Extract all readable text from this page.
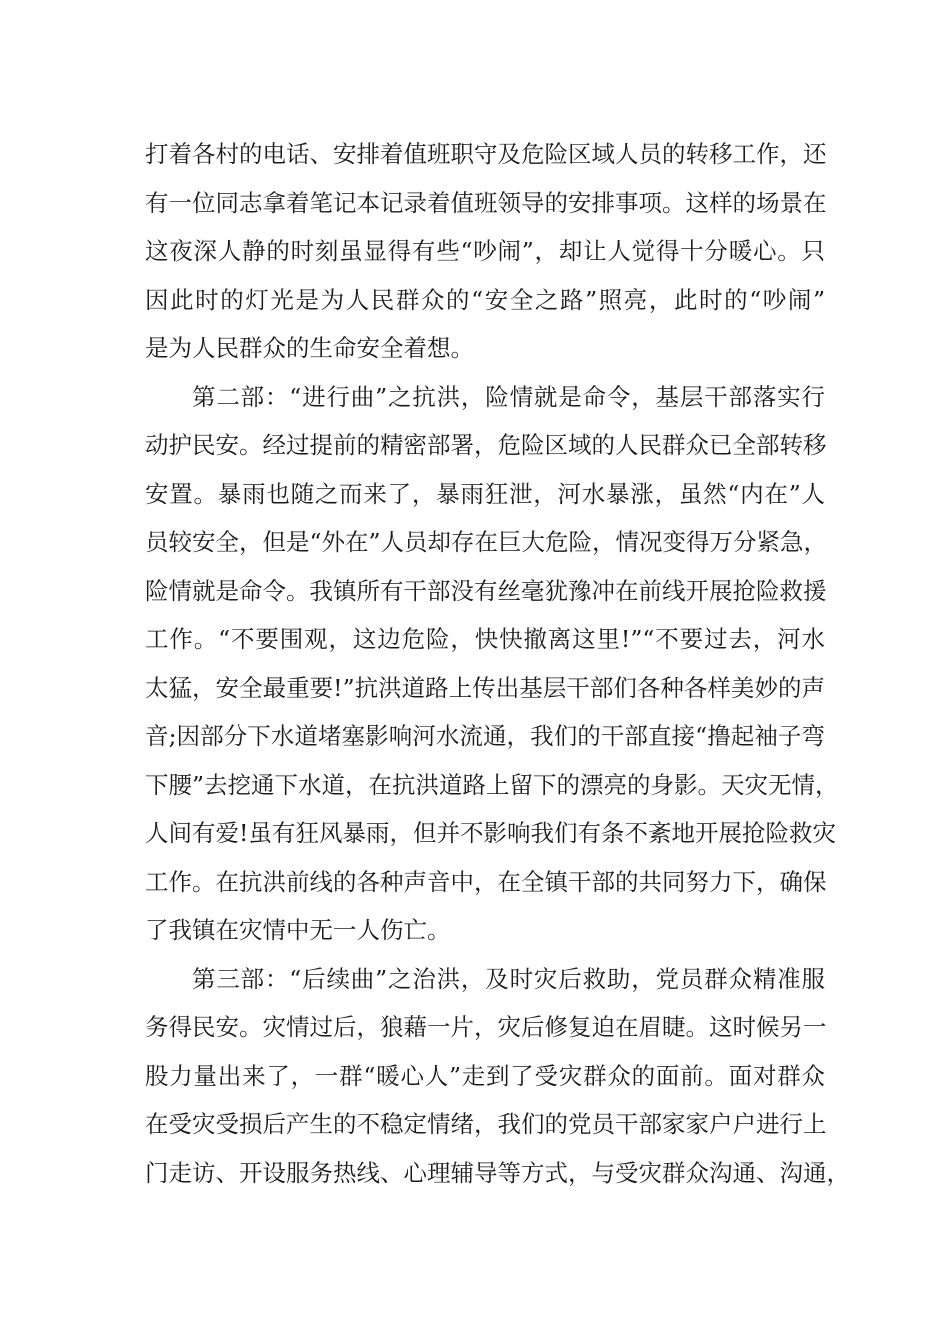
打着各村的电话、安排着值班职守及危险区域人员的转移工作，还
有一位同志拿着笔记本记录着值班领导的安排事项。这样的场景在
这夜深人静的时刻虽显得有些“吵闹”，却让人觉得十分暖心。只
因此时的灯光是为人民群众的“安全之路”照亮，此时的“吵闹”
是为人民群众的生命安全着想。
第二部：“进行曲”之抗洪，险情就是命令，基层干部落实行
动护民安。经过提前的精密部署，危险区域的人民群众已全部转移
安置。暴雨也随之而来了，暴雨狂泄，河水暴涨，虽然“内在”人
员较安全，但是“外在”人员却存在巨大危险，情况变得万分紧急，
险情就是命令。我镇所有干部没有丝毫犹豫冲在前线开展抢险救援
工作。“不要围观，这边危险，快快撤离这里!”“不要过去，河水
太猛，安全最重要!”抗洪道路上传出基层干部们各种各样美妙的声
音;因部分下水道堵塞影响河水流通，我们的干部直接“撸起袖子弯
下腰”去挖通下水道，在抗洪道路上留下的漂亮的身影。天灾无情，
人间有爱!虽有狂风暴雨，但并不影响我们有条不紊地开展抢险救灾
工作。在抗洪前线的各种声音中，在全镇干部的共同努力下，确保
了我镇在灾情中无一人伤亡。
第三部：“后续曲”之治洪，及时灾后救助，党员群众精准服
务得民安。灾情过后，狼藉一片，灾后修复迫在眉睫。这时候另一
股力量出来了，一群“暖心人”走到了受灾群众的面前。面对群众
在受灾受损后产生的不稳定情绪，我们的党员干部家家户户进行上
门走访、开设服务热线、心理辅导等方式，与受灾群众沟通、沟通，
